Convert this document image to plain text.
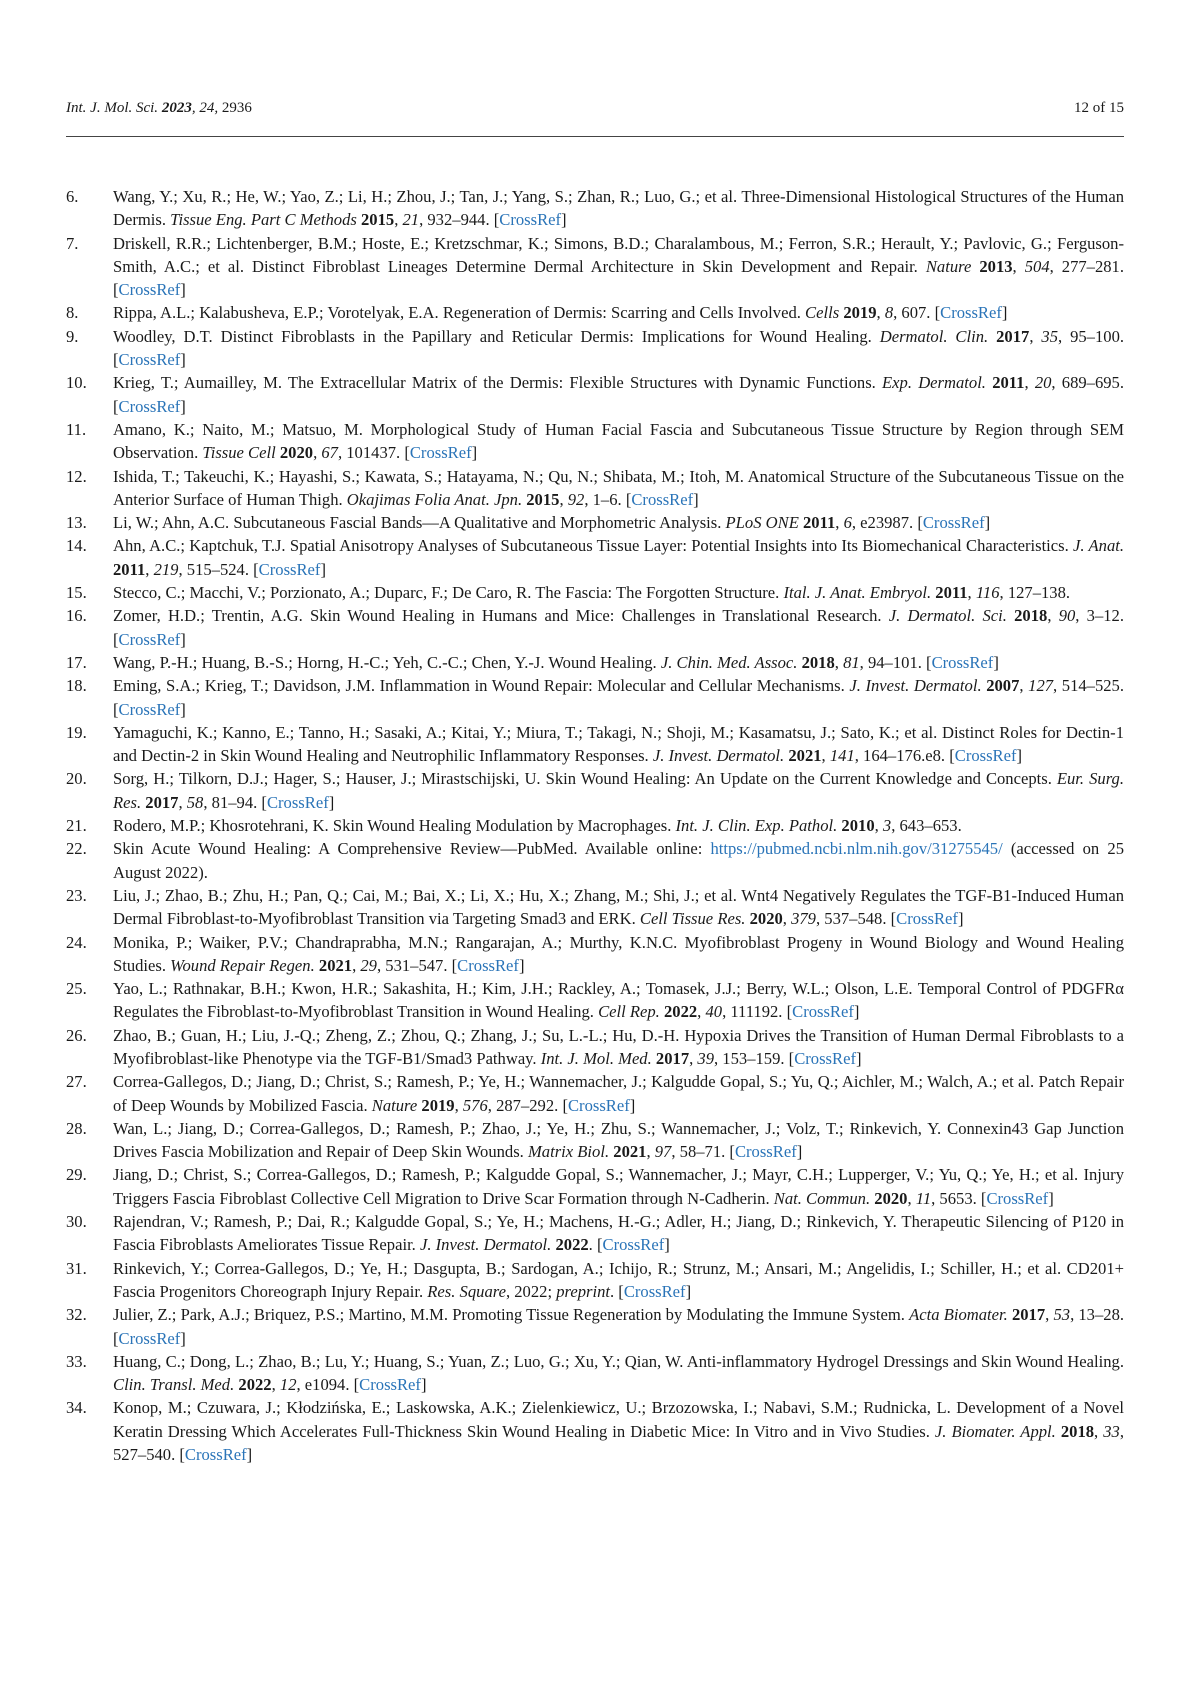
Int. J. Mol. Sci. 2023, 24, 2936	12 of 15
6.	Wang, Y.; Xu, R.; He, W.; Yao, Z.; Li, H.; Zhou, J.; Tan, J.; Yang, S.; Zhan, R.; Luo, G.; et al. Three-Dimensional Histological Structures of the Human Dermis. Tissue Eng. Part C Methods 2015, 21, 932–944. [CrossRef]
7.	Driskell, R.R.; Lichtenberger, B.M.; Hoste, E.; Kretzschmar, K.; Simons, B.D.; Charalambous, M.; Ferron, S.R.; Herault, Y.; Pavlovic, G.; Ferguson-Smith, A.C.; et al. Distinct Fibroblast Lineages Determine Dermal Architecture in Skin Development and Repair. Nature 2013, 504, 277–281. [CrossRef]
8.	Rippa, A.L.; Kalabusheva, E.P.; Vorotelyak, E.A. Regeneration of Dermis: Scarring and Cells Involved. Cells 2019, 8, 607. [CrossRef]
9.	Woodley, D.T. Distinct Fibroblasts in the Papillary and Reticular Dermis: Implications for Wound Healing. Dermatol. Clin. 2017, 35, 95–100. [CrossRef]
10.	Krieg, T.; Aumailley, M. The Extracellular Matrix of the Dermis: Flexible Structures with Dynamic Functions. Exp. Dermatol. 2011, 20, 689–695. [CrossRef]
11.	Amano, K.; Naito, M.; Matsuo, M. Morphological Study of Human Facial Fascia and Subcutaneous Tissue Structure by Region through SEM Observation. Tissue Cell 2020, 67, 101437. [CrossRef]
12.	Ishida, T.; Takeuchi, K.; Hayashi, S.; Kawata, S.; Hatayama, N.; Qu, N.; Shibata, M.; Itoh, M. Anatomical Structure of the Subcutaneous Tissue on the Anterior Surface of Human Thigh. Okajimas Folia Anat. Jpn. 2015, 92, 1–6. [CrossRef]
13.	Li, W.; Ahn, A.C. Subcutaneous Fascial Bands—A Qualitative and Morphometric Analysis. PLoS ONE 2011, 6, e23987. [CrossRef]
14.	Ahn, A.C.; Kaptchuk, T.J. Spatial Anisotropy Analyses of Subcutaneous Tissue Layer: Potential Insights into Its Biomechanical Characteristics. J. Anat. 2011, 219, 515–524. [CrossRef]
15.	Stecco, C.; Macchi, V.; Porzionato, A.; Duparc, F.; De Caro, R. The Fascia: The Forgotten Structure. Ital. J. Anat. Embryol. 2011, 116, 127–138.
16.	Zomer, H.D.; Trentin, A.G. Skin Wound Healing in Humans and Mice: Challenges in Translational Research. J. Dermatol. Sci. 2018, 90, 3–12. [CrossRef]
17.	Wang, P.-H.; Huang, B.-S.; Horng, H.-C.; Yeh, C.-C.; Chen, Y.-J. Wound Healing. J. Chin. Med. Assoc. 2018, 81, 94–101. [CrossRef]
18.	Eming, S.A.; Krieg, T.; Davidson, J.M. Inflammation in Wound Repair: Molecular and Cellular Mechanisms. J. Invest. Dermatol. 2007, 127, 514–525. [CrossRef]
19.	Yamaguchi, K.; Kanno, E.; Tanno, H.; Sasaki, A.; Kitai, Y.; Miura, T.; Takagi, N.; Shoji, M.; Kasamatsu, J.; Sato, K.; et al. Distinct Roles for Dectin-1 and Dectin-2 in Skin Wound Healing and Neutrophilic Inflammatory Responses. J. Invest. Dermatol. 2021, 141, 164–176.e8. [CrossRef]
20.	Sorg, H.; Tilkorn, D.J.; Hager, S.; Hauser, J.; Mirastschijski, U. Skin Wound Healing: An Update on the Current Knowledge and Concepts. Eur. Surg. Res. 2017, 58, 81–94. [CrossRef]
21.	Rodero, M.P.; Khosrotehrani, K. Skin Wound Healing Modulation by Macrophages. Int. J. Clin. Exp. Pathol. 2010, 3, 643–653.
22.	Skin Acute Wound Healing: A Comprehensive Review—PubMed. Available online: https://pubmed.ncbi.nlm.nih.gov/31275545/ (accessed on 25 August 2022).
23.	Liu, J.; Zhao, B.; Zhu, H.; Pan, Q.; Cai, M.; Bai, X.; Li, X.; Hu, X.; Zhang, M.; Shi, J.; et al. Wnt4 Negatively Regulates the TGF-B1-Induced Human Dermal Fibroblast-to-Myofibroblast Transition via Targeting Smad3 and ERK. Cell Tissue Res. 2020, 379, 537–548. [CrossRef]
24.	Monika, P.; Waiker, P.V.; Chandraprabha, M.N.; Rangarajan, A.; Murthy, K.N.C. Myofibroblast Progeny in Wound Biology and Wound Healing Studies. Wound Repair Regen. 2021, 29, 531–547. [CrossRef]
25.	Yao, L.; Rathnakar, B.H.; Kwon, H.R.; Sakashita, H.; Kim, J.H.; Rackley, A.; Tomasek, J.J.; Berry, W.L.; Olson, L.E. Temporal Control of PDGFRα Regulates the Fibroblast-to-Myofibroblast Transition in Wound Healing. Cell Rep. 2022, 40, 111192. [CrossRef]
26.	Zhao, B.; Guan, H.; Liu, J.-Q.; Zheng, Z.; Zhou, Q.; Zhang, J.; Su, L.-L.; Hu, D.-H. Hypoxia Drives the Transition of Human Dermal Fibroblasts to a Myofibroblast-like Phenotype via the TGF-B1/Smad3 Pathway. Int. J. Mol. Med. 2017, 39, 153–159. [CrossRef]
27.	Correa-Gallegos, D.; Jiang, D.; Christ, S.; Ramesh, P.; Ye, H.; Wannemacher, J.; Kalgudde Gopal, S.; Yu, Q.; Aichler, M.; Walch, A.; et al. Patch Repair of Deep Wounds by Mobilized Fascia. Nature 2019, 576, 287–292. [CrossRef]
28.	Wan, L.; Jiang, D.; Correa-Gallegos, D.; Ramesh, P.; Zhao, J.; Ye, H.; Zhu, S.; Wannemacher, J.; Volz, T.; Rinkevich, Y. Connexin43 Gap Junction Drives Fascia Mobilization and Repair of Deep Skin Wounds. Matrix Biol. 2021, 97, 58–71. [CrossRef]
29.	Jiang, D.; Christ, S.; Correa-Gallegos, D.; Ramesh, P.; Kalgudde Gopal, S.; Wannemacher, J.; Mayr, C.H.; Lupperger, V.; Yu, Q.; Ye, H.; et al. Injury Triggers Fascia Fibroblast Collective Cell Migration to Drive Scar Formation through N-Cadherin. Nat. Commun. 2020, 11, 5653. [CrossRef]
30.	Rajendran, V.; Ramesh, P.; Dai, R.; Kalgudde Gopal, S.; Ye, H.; Machens, H.-G.; Adler, H.; Jiang, D.; Rinkevich, Y. Therapeutic Silencing of P120 in Fascia Fibroblasts Ameliorates Tissue Repair. J. Invest. Dermatol. 2022. [CrossRef]
31.	Rinkevich, Y.; Correa-Gallegos, D.; Ye, H.; Dasgupta, B.; Sardogan, A.; Ichijo, R.; Strunz, M.; Ansari, M.; Angelidis, I.; Schiller, H.; et al. CD201+ Fascia Progenitors Choreograph Injury Repair. Res. Square, 2022; preprint. [CrossRef]
32.	Julier, Z.; Park, A.J.; Briquez, P.S.; Martino, M.M. Promoting Tissue Regeneration by Modulating the Immune System. Acta Biomater. 2017, 53, 13–28. [CrossRef]
33.	Huang, C.; Dong, L.; Zhao, B.; Lu, Y.; Huang, S.; Yuan, Z.; Luo, G.; Xu, Y.; Qian, W. Anti-inflammatory Hydrogel Dressings and Skin Wound Healing. Clin. Transl. Med. 2022, 12, e1094. [CrossRef]
34.	Konop, M.; Czuwara, J.; Kłodzińska, E.; Laskowska, A.K.; Zielenkiewicz, U.; Brzozowska, I.; Nabavi, S.M.; Rudnicka, L. Development of a Novel Keratin Dressing Which Accelerates Full-Thickness Skin Wound Healing in Diabetic Mice: In Vitro and in Vivo Studies. J. Biomater. Appl. 2018, 33, 527–540. [CrossRef]
